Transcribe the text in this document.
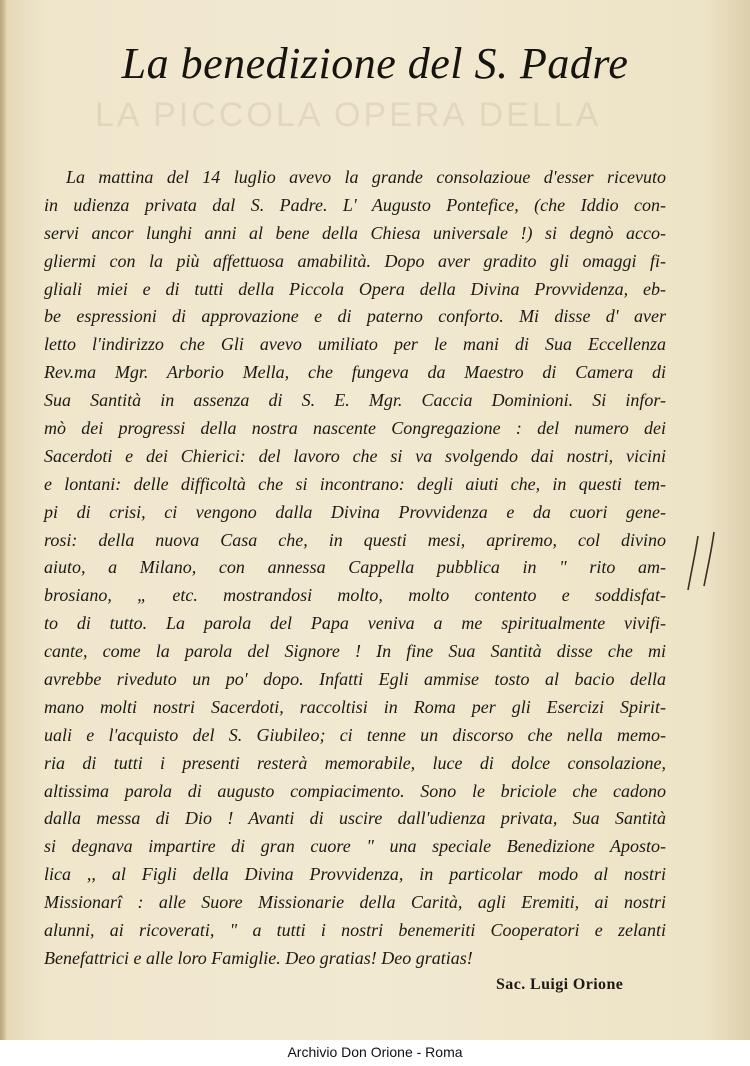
LA PICCOLA OPERA DELLA
La benedizione del S. Padre
La mattina del 14 luglio avevo la grande consolazioue d'esser ricevuto
in udienza privata dal S. Padre. L' Augusto Pontefice, (che Iddio con-
servi ancor lunghi anni al bene della Chiesa universale !) si degnò acco-
gliermi con la più affettuosa amabilità. Dopo aver gradito gli omaggi fi-
gliali miei e di tutti della Piccola Opera della Divina Provvidenza, eb-
be espressioni di approvazione e di paterno conforto. Mi disse d' aver
letto l'indirizzo che Gli avevo umiliato per le mani di Sua Eccellenza
Rev.ma Mgr. Arborio Mella, che fungeva da Maestro di Camera di
Sua Santità in assenza di S. E. Mgr. Caccia Dominioni. Si infor-
mò dei progressi della nostra nascente Congregazione : del numero dei
Sacerdoti e dei Chierici: del lavoro che si va svolgendo dai nostri, vicini
e lontani: delle difficoltà che si incontrano: degli aiuti che, in questi tem-
pi di crisi, ci vengono dalla Divina Provvidenza e da cuori gene-
rosi: della nuova Casa che, in questi mesi, apriremo, col divino
aiuto, a Milano, con annessa Cappella pubblica in " rito am-
brosiano, „ etc. mostrandosi molto, molto contento e soddisfat-
to di tutto. La parola del Papa veniva a me spiritualmente vivifi-
cante, come la parola del Signore ! In fine Sua Santità disse che mi
avrebbe riveduto un po' dopo. Infatti Egli ammise tosto al bacio della
mano molti nostri Sacerdoti, raccoltisi in Roma per gli Esercizi Spirit-
uali e l'acquisto del S. Giubileo; ci tenne un discorso che nella memo-
ria di tutti i presenti resterà memorabile, luce di dolce consolazione,
altissima parola di augusto compiacimento. Sono le briciole che cadono
dalla messa di Dio ! Avanti di uscire dall'udienza privata, Sua Santità
si degnava impartire di gran cuore " una speciale Benedizione Aposto-
lica ,, al Figli della Divina Provvidenza, in particolar modo al nostri
Missionarî : alle Suore Missionarie della Carità, agli Eremiti, ai nostri
alunni, ai ricoverati, " a tutti i nostri benemeriti Cooperatori e zelanti
Benefattrici e alle loro Famiglie. Deo gratias! Deo gratias!

Sac. Luigi Orione

Archivio Don Orione - Roma
